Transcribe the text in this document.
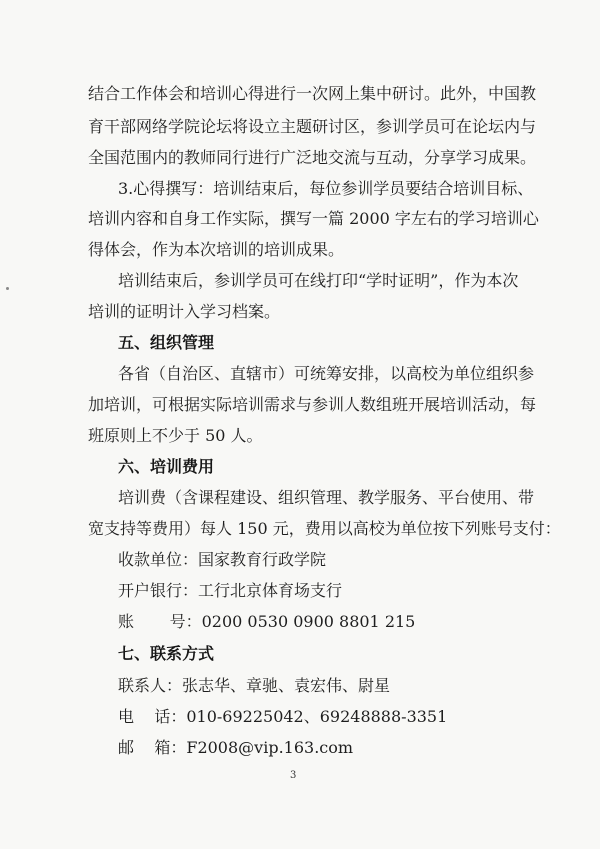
结合工作体会和培训心得进行一次网上集中研讨。此外，中国教
育干部网络学院论坛将设立主题研讨区，参训学员可在论坛内与
全国范围内的教师同行进行广泛地交流与互动，分享学习成果。
3.心得撰写：培训结束后，每位参训学员要结合培训目标、
培训内容和自身工作实际，撰写一篇 2000 字左右的学习培训心
得体会，作为本次培训的培训成果。
培训结束后，参训学员可在线打印“学时证明”，作为本次
培训的证明计入学习档案。
五、组织管理
各省（自治区、直辖市）可统筹安排，以高校为单位组织参
加培训，可根据实际培训需求与参训人数组班开展培训活动，每
班原则上不少于 50 人。
六、培训费用
培训费（含课程建设、组织管理、教学服务、平台使用、带
宽支持等费用）每人 150 元，费用以高校为单位按下列账号支付：
收款单位：国家教育行政学院
开户银行：工行北京体育场支行
账       号：0200 0530 0900 8801 215
七、联系方式
联系人：张志华、章驰、袁宏伟、尉星
电    话：010-69225042、69248888-3351
邮    箱：F2008@vip.163.com
3
